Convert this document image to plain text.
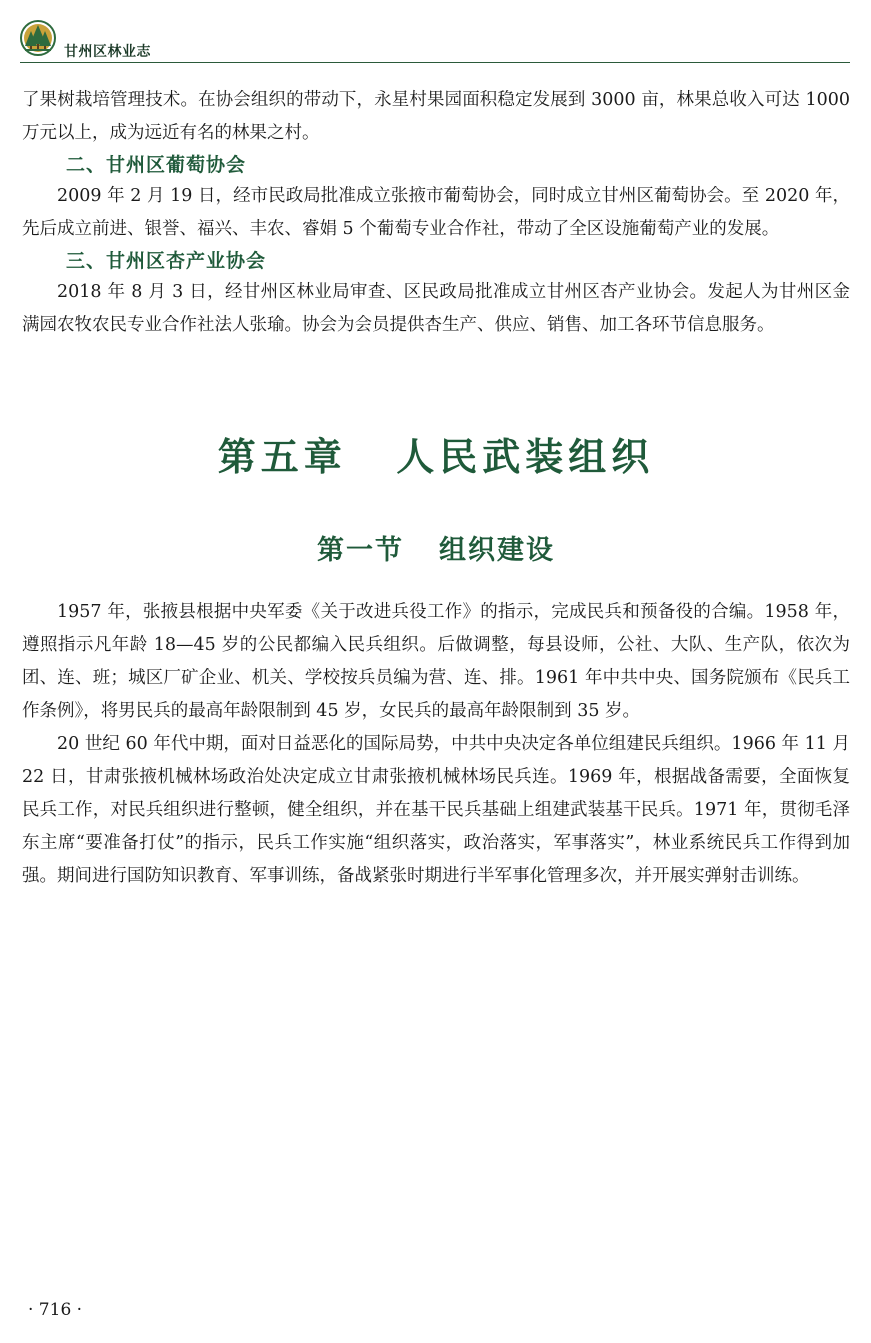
甘州区林业志

了果树栽培管理技术。在协会组织的带动下，永星村果园面积稳定发展到 3000 亩，林果总收入可达 1000 万元以上，成为远近有名的林果之村。

二、甘州区葡萄协会

2009 年 2 月 19 日，经市民政局批准成立张掖市葡萄协会，同时成立甘州区葡萄协会。至 2020 年，先后成立前进、银誉、福兴、丰农、睿娟 5 个葡萄专业合作社，带动了全区设施葡萄产业的发展。

三、甘州区杏产业协会

2018 年 8 月 3 日，经甘州区林业局审查、区民政局批准成立甘州区杏产业协会。发起人为甘州区金满园农牧农民专业合作社法人张瑜。协会为会员提供杏生产、供应、销售、加工各环节信息服务。

第五章 人民武装组织
第一节 组织建设

1957 年，张掖县根据中央军委《关于改进兵役工作》的指示，完成民兵和预备役的合编。1958 年，遵照指示凡年龄 18—45 岁的公民都编入民兵组织。后做调整，每县设师，公社、大队、生产队，依次为团、连、班；城区厂矿企业、机关、学校按兵员编为营、连、排。1961 年中共中央、国务院颁布《民兵工作条例》，将男民兵的最高年龄限制到 45 岁，女民兵的最高年龄限制到 35 岁。

20 世纪 60 年代中期，面对日益恶化的国际局势，中共中央决定各单位组建民兵组织。1966 年 11 月 22 日，甘肃张掖机械林场政治处决定成立甘肃张掖机械林场民兵连。1969 年，根据战备需要，全面恢复民兵工作，对民兵组织进行整顿，健全组织，并在基干民兵基础上组建武装基干民兵。1971 年，贯彻毛泽东主席“要准备打仗”的指示，民兵工作实施“组织落实，政治落实，军事落实”，林业系统民兵工作得到加强。期间进行国防知识教育、军事训练，备战紧张时期进行半军事化管理多次，并开展实弹射击训练。

· 716 ·
